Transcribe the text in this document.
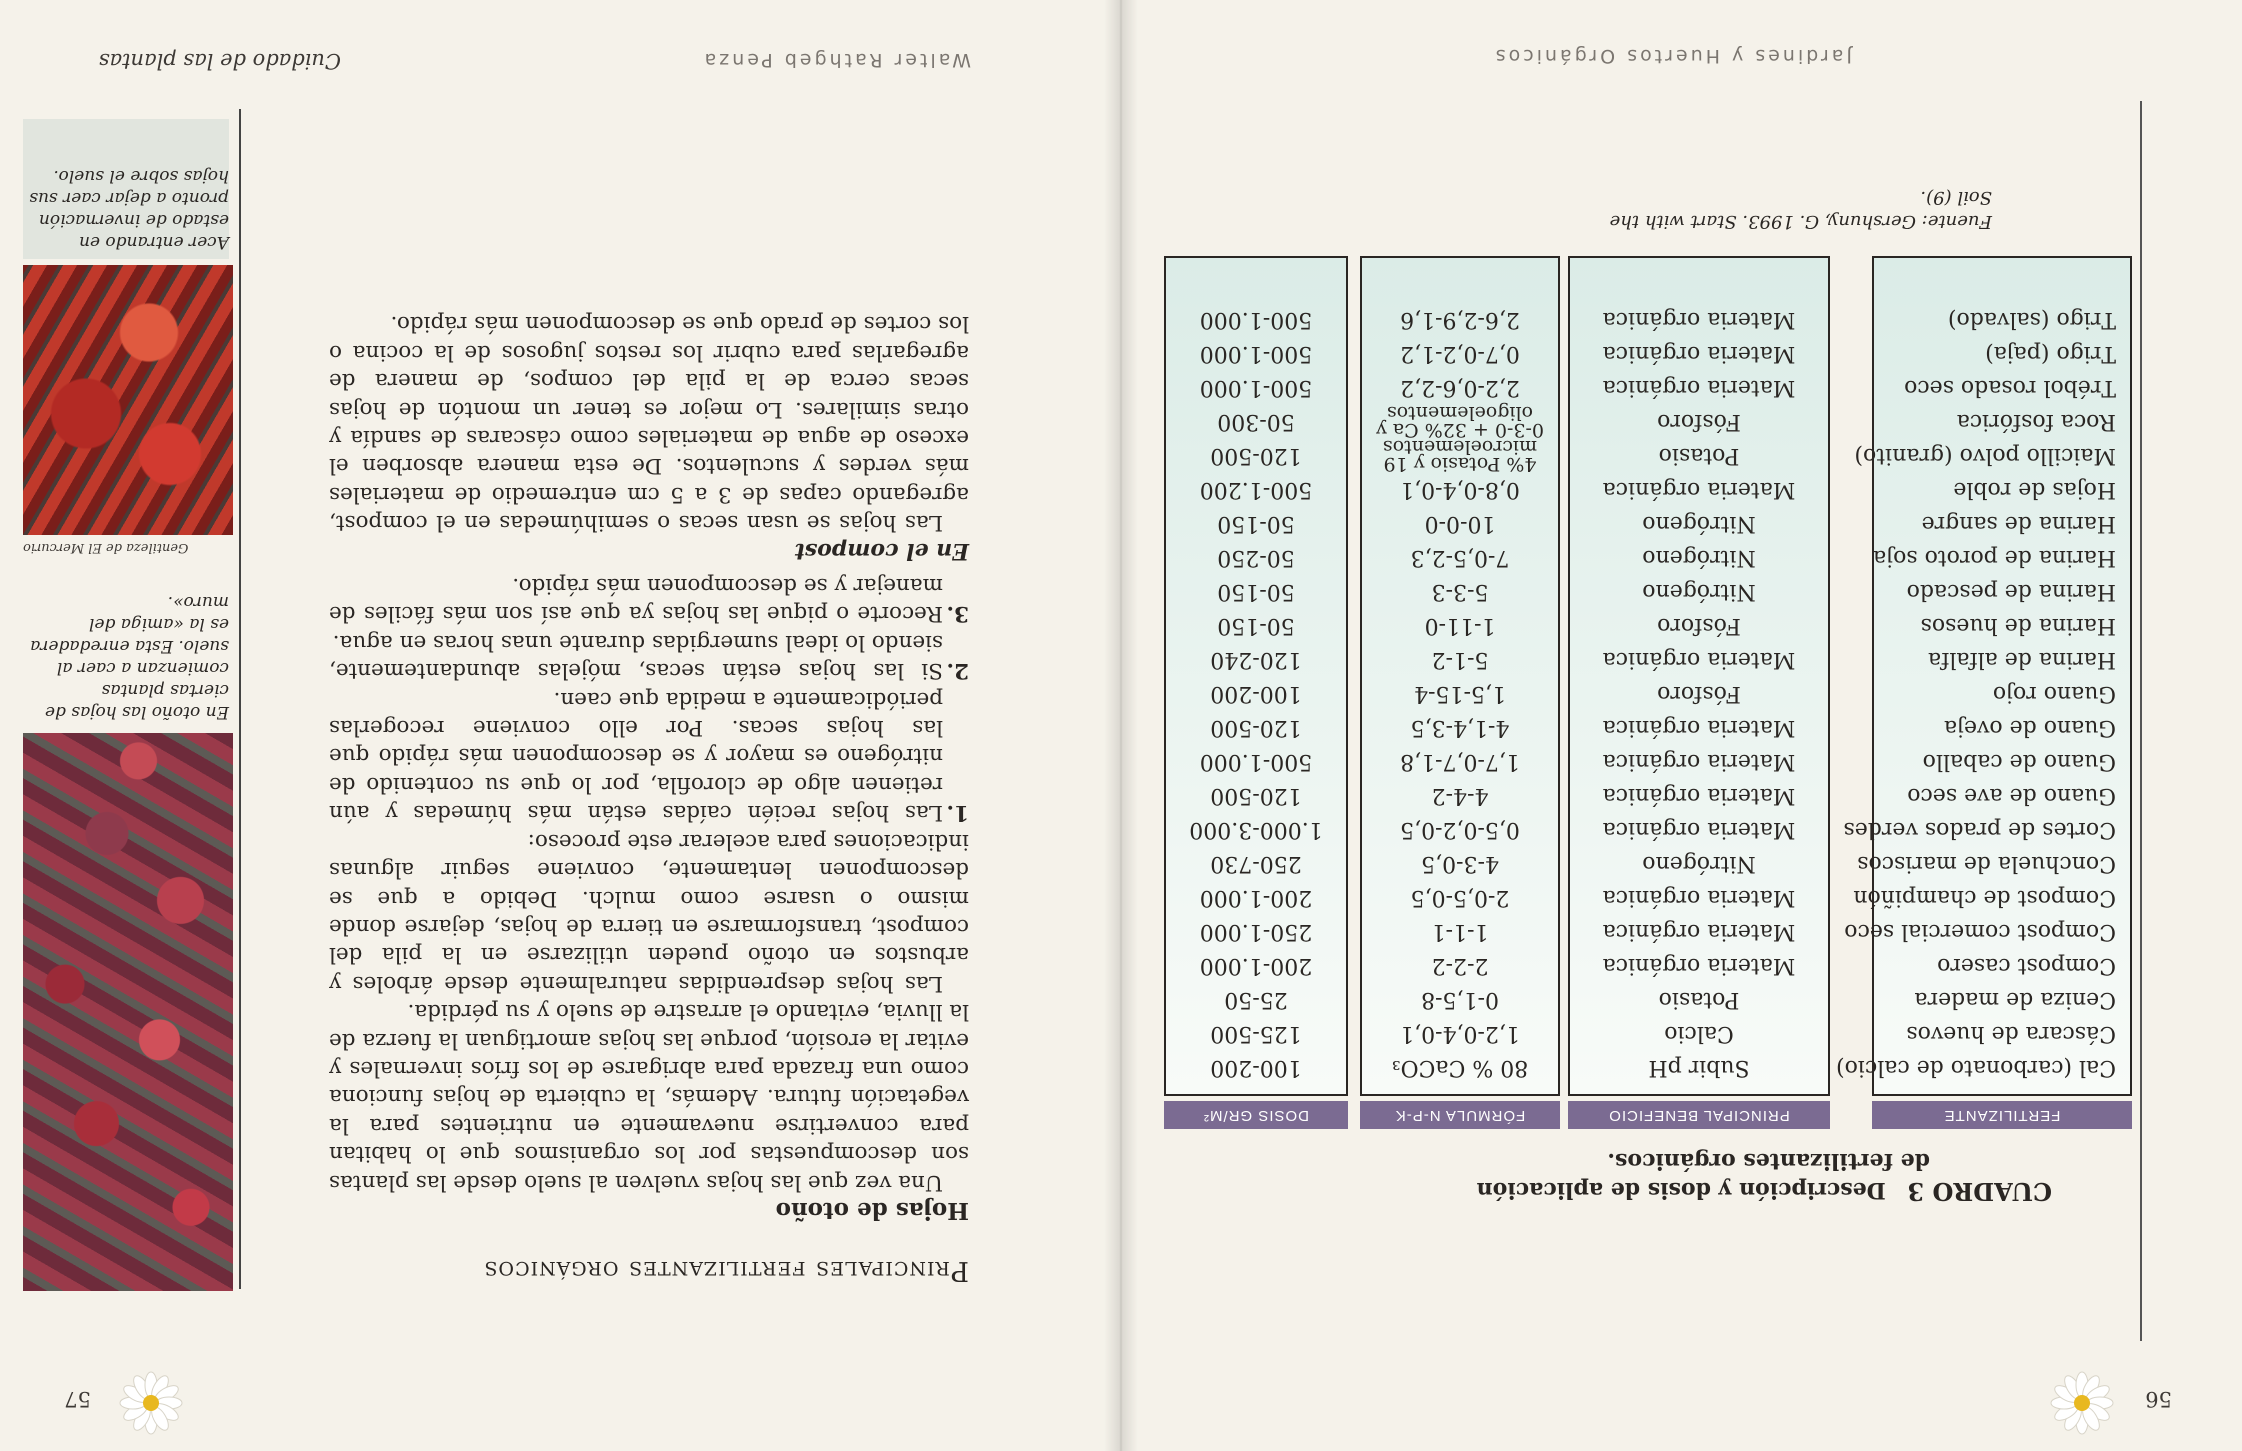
56
CUADRO 3 Descripción y dosis de aplicación
de fertilizantes orgánicos.
FERTILIZANTE
PRINCIPAL BENEFICIO
FÓRMULA N-P-K
DOSIS GR/M²
Cal (carbonato de calcio)
Cáscara de huevos
Ceniza de madera
Compost casero
Compost comercial seco
Compost de champiñón
Conchuela de mariscos
Cortes de prados verdes
Guano de ave seco
Guano de caballo
Guano de oveja
Guano rojo
Harina de alfalfa
Harina de huesos
Harina de pescado
Harina de poroto soja
Harina de sangre
Hojas de roble
Maicillo polvo (granito)
Roca fosfórica
Trébol rosado seco
Trigo (paja)
Trigo (salvado)
Subir pH
Calcio
Potasio
Materia orgánica
Materia orgánica
Materia orgánica
Nitrógeno
Materia orgánica
Materia orgánica
Materia orgánica
Materia orgánica
Fósforo
Materia orgánica
Fósforo
Nitrógeno
Nitrógeno
Nitrógeno
Materia orgánica
Potasio
Fósforo
Materia orgánica
Materia orgánica
Materia orgánica
80 % CaCO₃
1,2-0,4-0,1
0-1,5-8
2-2-2
1-1-1
2-0,5-0,5
4-3-0,5
0,5-0,2-0,5
4-4-2
1,7-0,7-1,8
4-1,4-3,5
1,5-15-4
5-1-2
1-11-0
5-3-3
7-0,5-2,3
10-0-0
0,8-0,4-0,1
4% Potasio y 19 microelementos
0-3-0 + 32% Ca y oligoelementos
2,2-0,6-2,2
0,7-0,2-1,2
2,6-2,9-1,6
100-200
125-500
25-50
200-1.000
250-1.000
200-1.000
250-730
1.000-3.000
120-500
500-1.000
120-500
100-200
120-240
50-150
50-150
50-250
50-150
500-1.200
120-500
50-300
500-1.000
500-1.000
500-1.000
Fuente: Gershuny, G. 1993. Start with the Soil (9).
Jardines y Huertos Orgánicos
57
Principales fertilizantes orgánicos
Hojas de otoño

Una vez que las hojas vuelven al suelo desde las plantas son descompuestas por los organismos que lo habitan para convertirse nuevamente en nutrientes para la vegetación futura. Además, la cubierta de hojas funciona como una frazada para abrigarse de los fríos invernales y evitar la erosión, porque las hojas amortiguan la fuerza de la lluvia, evitando el arrastre de suelo y su pérdida.

Las hojas desprendidas naturalmente desde árboles y arbustos en otoño pueden utilizarse en la pila del compost, transformarse en tierra de hojas, dejarse donde mismo o usarse como mulch. Debido a que se descomponen lentamente, conviene seguir algunas indicaciones para acelerar este proceso:

1.Las hojas recién caídas están más húmedas y aún retienen algo de clorofila, por lo que su contenido de nitrógeno es mayor y se descomponen más rápido que las hojas secas. Por ello conviene recogerlas periódicamente a medida que caen.

2.Si las hojas están secas, mójelas abundantemente, siendo lo ideal sumergidas durante unas horas en agua.

3.Recorte o pique las hojas ya que así son más fáciles de manejar y se descomponen más rápido.

En el compost

Las hojas se usan secas o semihúmedas en el compost, agregando capas de 3 a 5 cm entremedio de materiales más verdes y suculentos. De esta manera absorben el exceso de agua de materiales como cáscaras de sandía y otras similares. Lo mejor es tener un montón de hojas secas cerca de la pila del compos, de manera de agregarlas para cubrir los restos jugosos de la cocina o los cortes de prado que se descomponen más rápido.

En otoño las hojas de ciertas plantas comienzan a caer al suelo. Esta enredadera es la «amiga del muro».
Gentileza de El Mercurio
Acer entrando en estado de invernación pronto a dejar caer sus hojas sobre el suelo.
Walter Rathgeb Penza
Cuidado de las plantas
